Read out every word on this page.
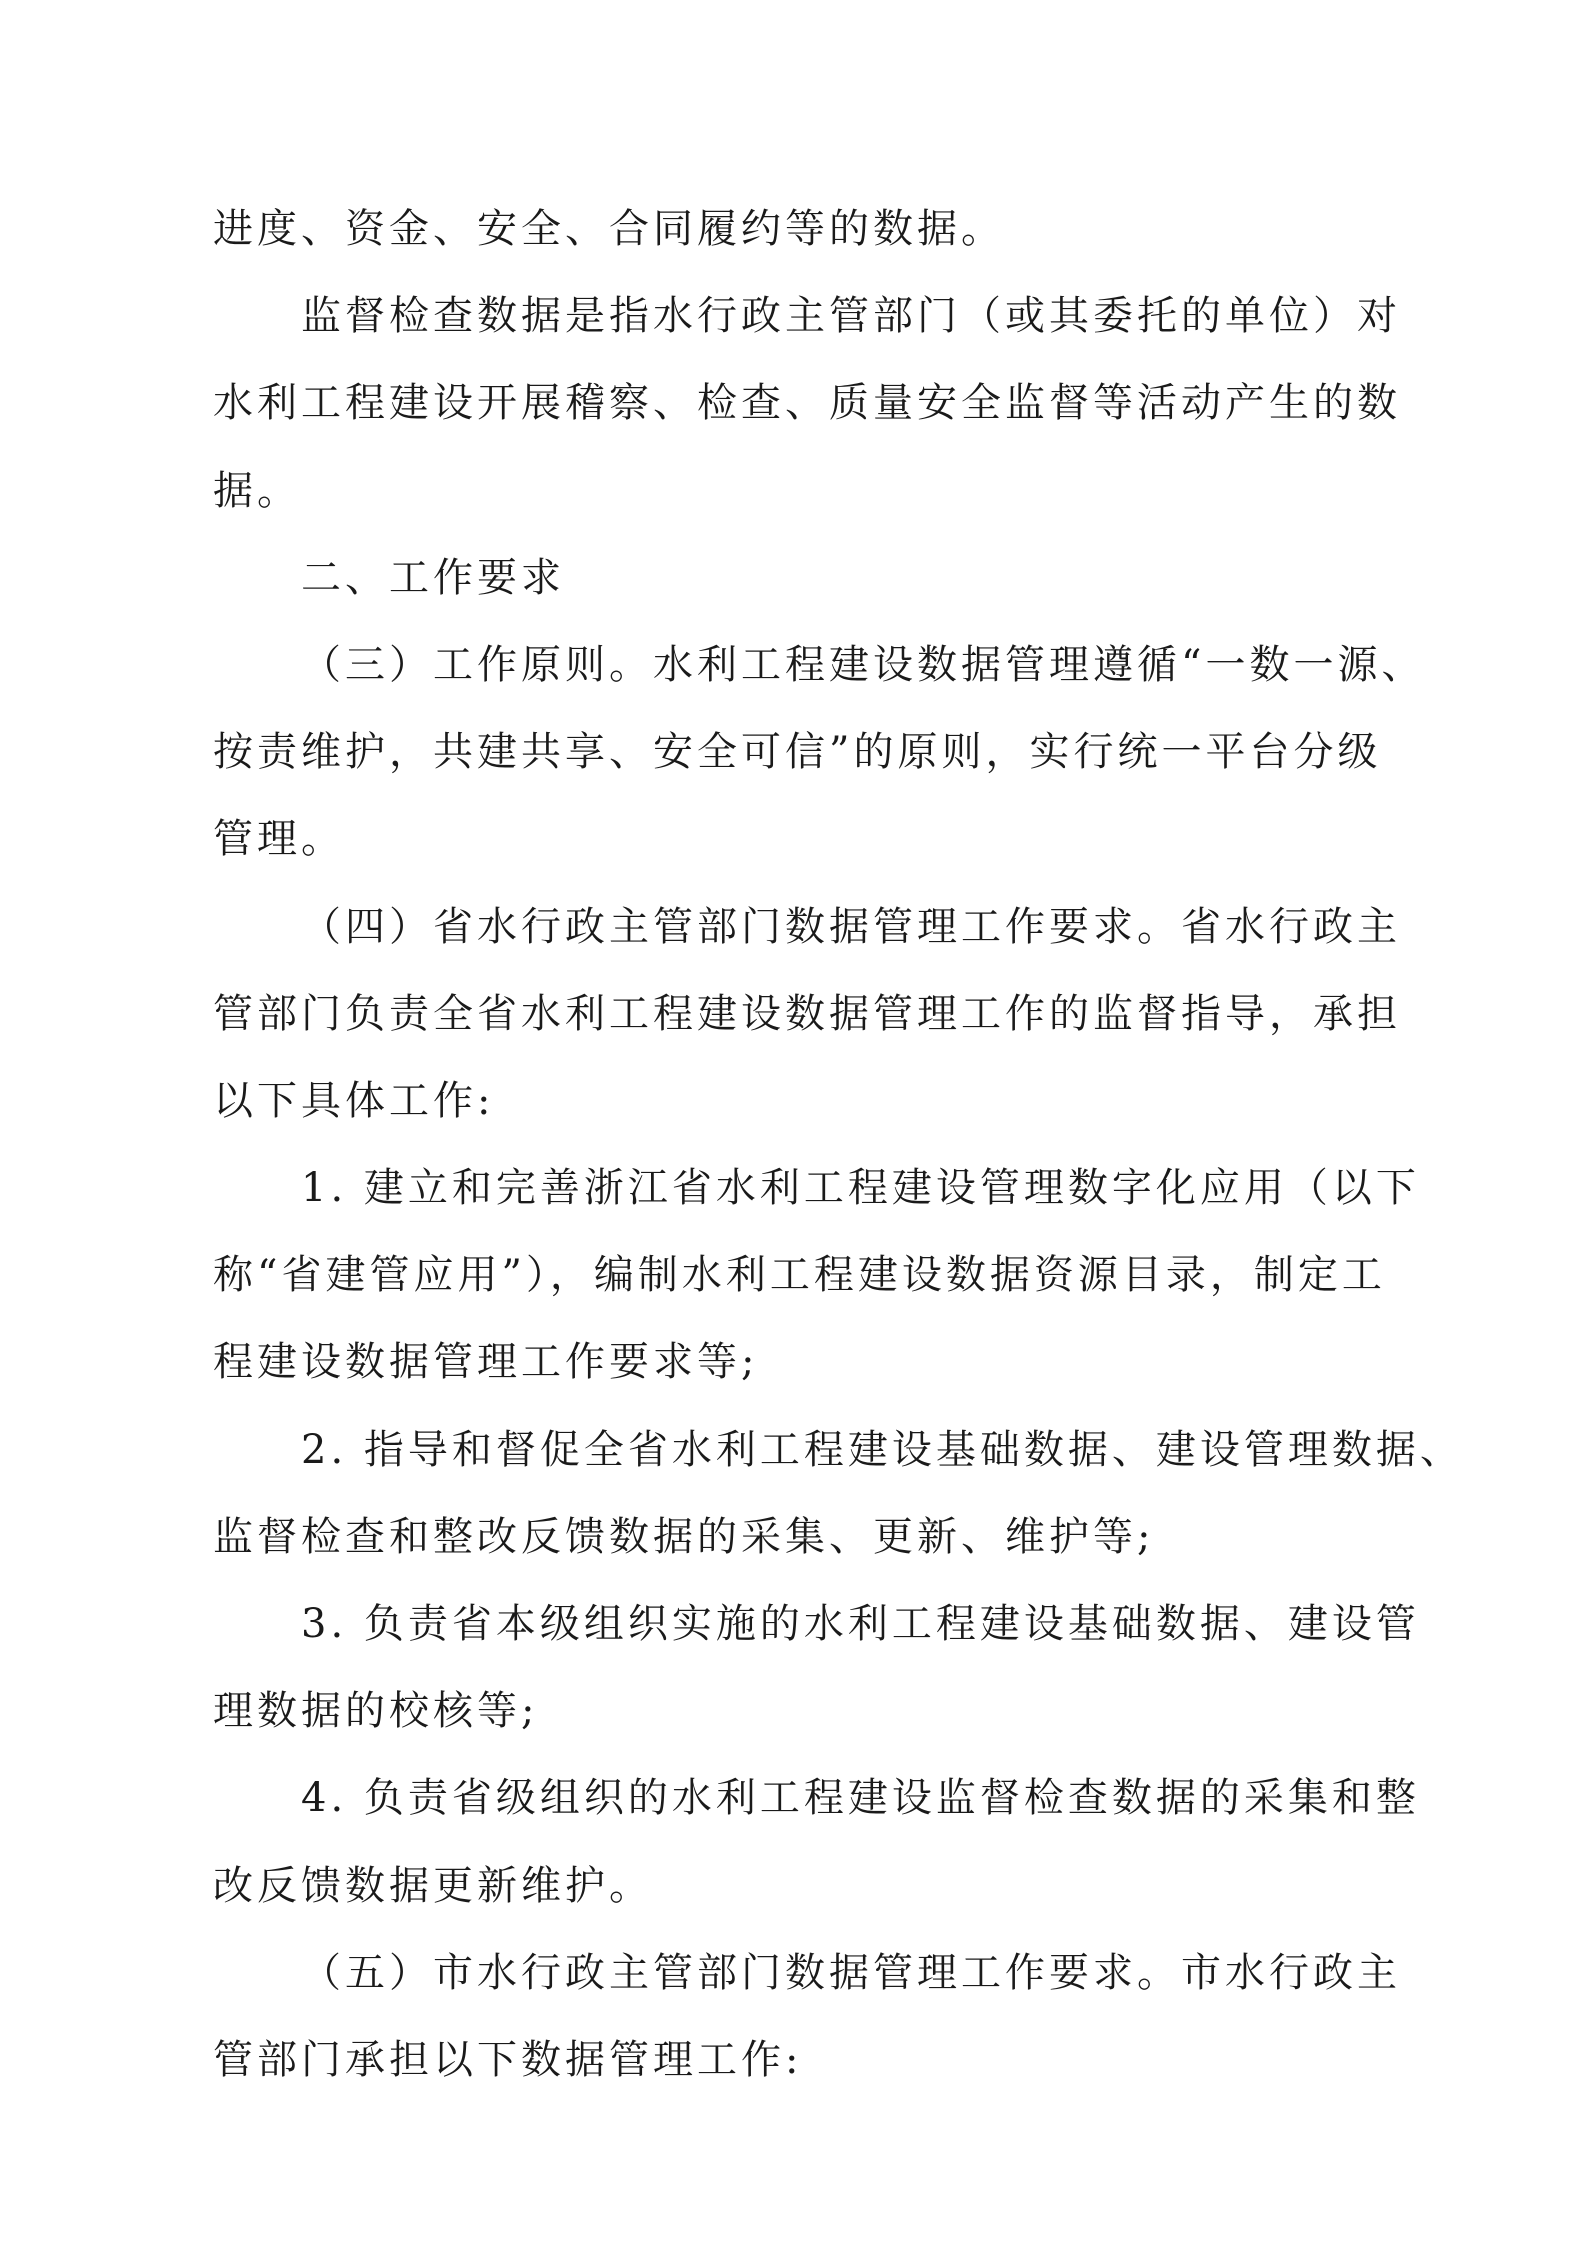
进度、资金、安全、合同履约等的数据。
监督检查数据是指水行政主管部门（或其委托的单位）对
水利工程建设开展稽察、检查、质量安全监督等活动产生的数
据。
二、工作要求
（三）工作原则。水利工程建设数据管理遵循“一数一源、
按责维护，共建共享、安全可信”的原则，实行统一平台分级
管理。
（四）省水行政主管部门数据管理工作要求。省水行政主
管部门负责全省水利工程建设数据管理工作的监督指导，承担
以下具体工作:
1. 建立和完善浙江省水利工程建设管理数字化应用（以下
称“省建管应用”），编制水利工程建设数据资源目录，制定工
程建设数据管理工作要求等;
2. 指导和督促全省水利工程建设基础数据、建设管理数据、
监督检查和整改反馈数据的采集、更新、维护等;
3. 负责省本级组织实施的水利工程建设基础数据、建设管
理数据的校核等;
4. 负责省级组织的水利工程建设监督检查数据的采集和整
改反馈数据更新维护。
（五）市水行政主管部门数据管理工作要求。市水行政主
管部门承担以下数据管理工作:
